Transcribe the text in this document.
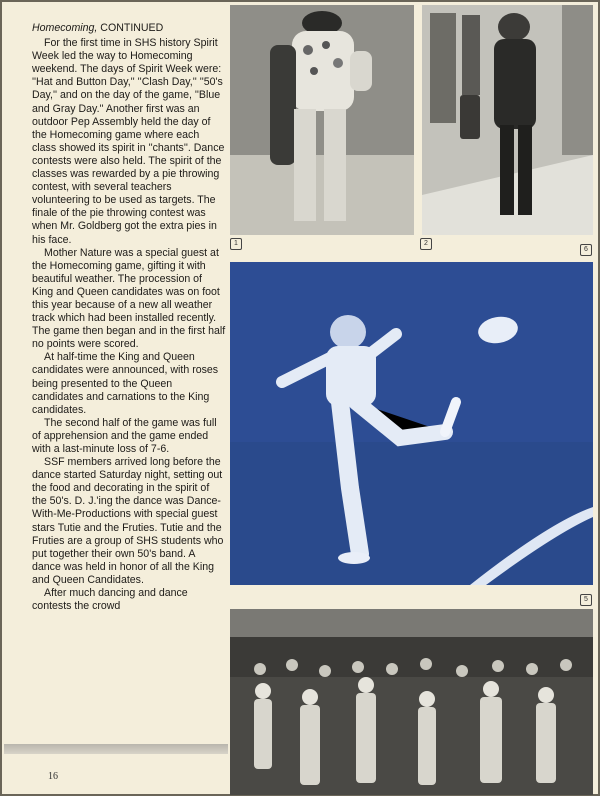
Homecoming, CONTINUED

For the first time in SHS history Spirit Week led the way to Homecoming weekend. The days of Spirit Week were: ''Hat and Button Day,'' ''Clash Day,'' ''50's Day,'' and on the day of the game, ''Blue and Gray Day.'' Another first was an outdoor Pep Assembly held the day of the Homecoming game where each class showed its spirit in ''chants''. Dance contests were also held. The spirit of the classes was rewarded by a pie throwing contest, with several teachers volunteering to be used as targets. The finale of the pie throwing contest was when Mr. Goldberg got the extra pies in his face.

Mother Nature was a special guest at the Homecoming game, gifting it with beautiful weather. The procession of King and Queen candidates was on foot this year because of a new all weather track which had been installed recently. The game then began and in the first half no points were scored.

At half-time the King and Queen candidates were announced, with roses being presented to the Queen candidates and carnations to the King candidates.

The second half of the game was full of apprehension and the game ended with a last-minute loss of 7-6.

SSF members arrived long before the dance started Saturday night, setting out the food and decorating in the spirit of the 50's. D. J.'ing the dance was Dance-With-Me-Productions with special guest stars Tutie and the Fruties. Tutie and the Fruties are a group of SHS students who put together their own 50's band. A dance was held in honor of all the King and Queen Candidates.

After much dancing and dance contests the crowd

1	2
6
5
16
